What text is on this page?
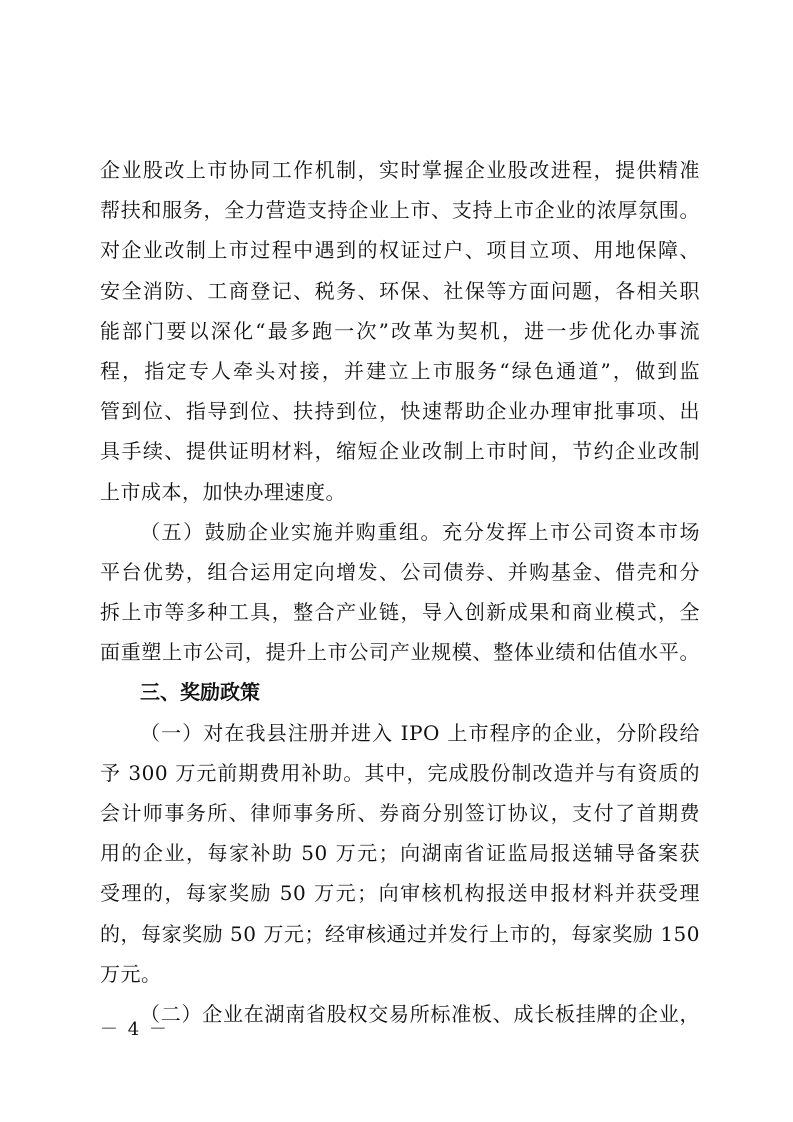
企业股改上市协同工作机制，实时掌握企业股改进程，提供精准
帮扶和服务，全力营造支持企业上市、支持上市企业的浓厚氛围。
对企业改制上市过程中遇到的权证过户、项目立项、用地保障、
安全消防、工商登记、税务、环保、社保等方面问题，各相关职
能部门要以深化“最多跑一次”改革为契机，进一步优化办事流
程，指定专人牵头对接，并建立上市服务“绿色通道”，做到监
管到位、指导到位、扶持到位，快速帮助企业办理审批事项、出
具手续、提供证明材料，缩短企业改制上市时间，节约企业改制
上市成本，加快办理速度。
（五）鼓励企业实施并购重组。充分发挥上市公司资本市场
平台优势，组合运用定向增发、公司债券、并购基金、借壳和分
拆上市等多种工具，整合产业链，导入创新成果和商业模式，全
面重塑上市公司，提升上市公司产业规模、整体业绩和估值水平。
三、奖励政策
（一）对在我县注册并进入 IPO 上市程序的企业，分阶段给
予 300 万元前期费用补助。其中，完成股份制改造并与有资质的
会计师事务所、律师事务所、券商分别签订协议，支付了首期费
用的企业，每家补助 50 万元；向湖南省证监局报送辅导备案获
受理的，每家奖励 50 万元；向审核机构报送申报材料并获受理
的，每家奖励 50 万元；经审核通过并发行上市的，每家奖励 150
万元。
（二）企业在湖南省股权交易所标准板、成长板挂牌的企业，
－ 4 －
